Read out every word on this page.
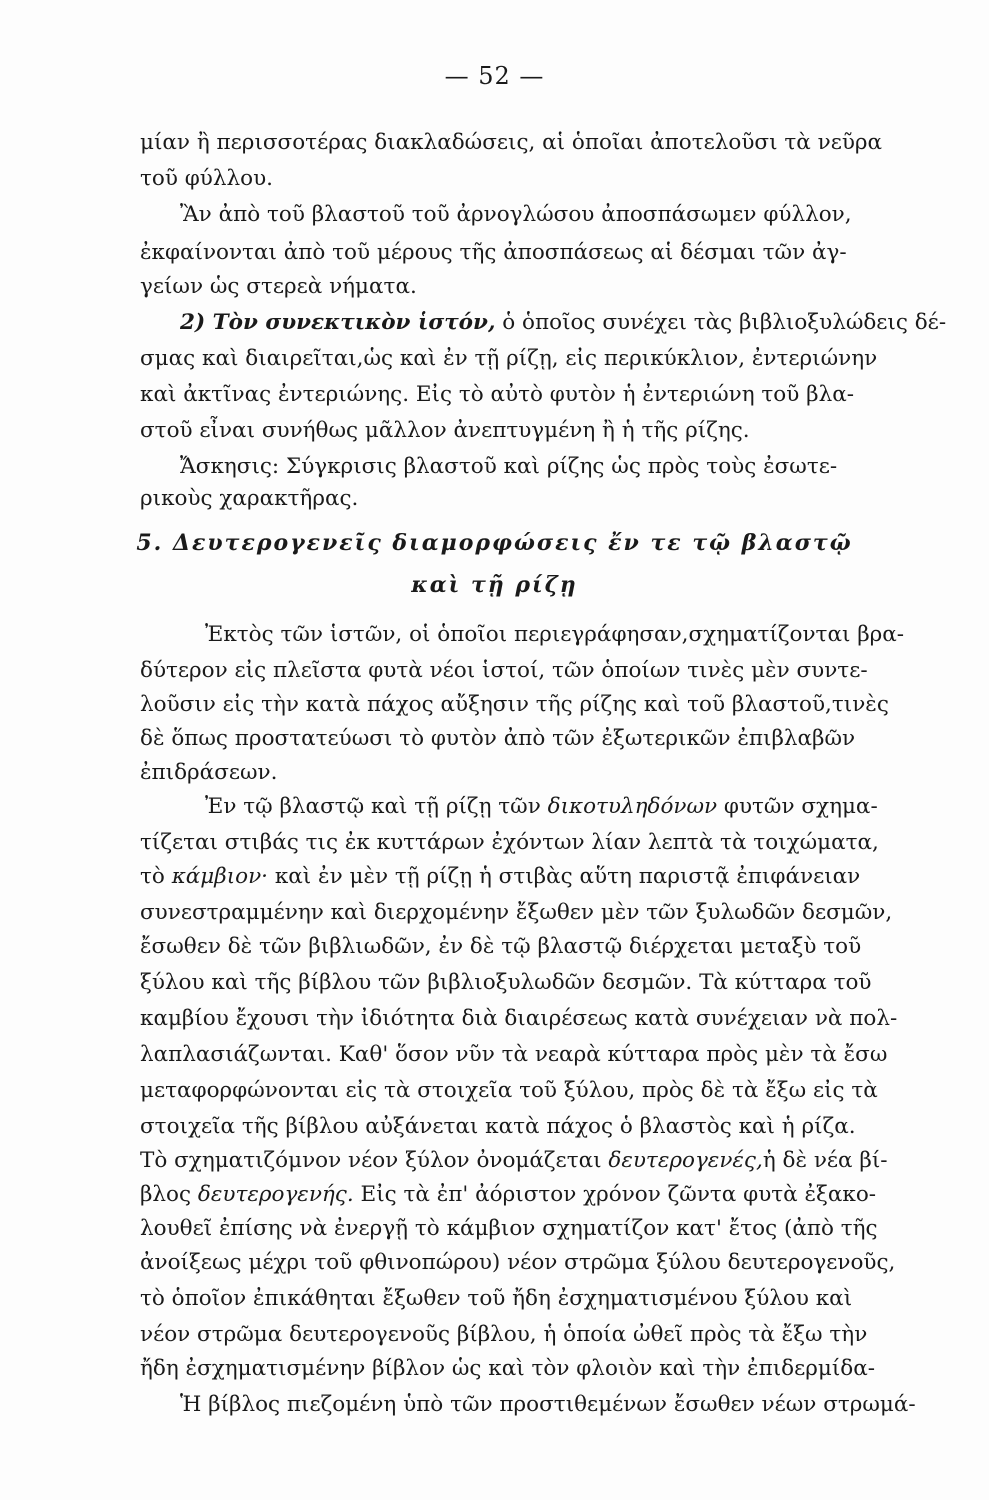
— 52 —
μίαν ἢ περισσοτέρας διακλαδώσεις, αἱ ὁποῖαι ἀποτελοῦσι τὰ νεῦρα
τοῦ φύλλου.
Ἂν ἀπὸ τοῦ βλαστοῦ τοῦ ἀρνογλώσου ἀποσπάσωμεν φύλλον,
ἐκφαίνονται ἀπὸ τοῦ μέρους τῆς ἀποσπάσεως αἱ δέσμαι τῶν ἀγ-
γείων ὡς στερεὰ νήματα.
2) Τὸν συνεκτικὸν ἱστόν, ὁ ὁποῖος συνέχει τὰς βιβλιοξυλώδεις δέ-
σμας καὶ διαιρεῖται,ὡς καὶ ἐν τῇ ρίζῃ, εἰς περικύκλιον, ἐντεριώνην
καὶ ἀκτῖνας ἐντεριώνης. Εἰς τὸ αὐτὸ φυτὸν ἡ ἐντεριώνη τοῦ βλα-
στοῦ εἶναι συνήθως μᾶλλον ἀνεπτυγμένη ἢ ἡ τῆς ρίζης.
Ἄσκησις: Σύγκρισις βλαστοῦ καὶ ρίζης ὡς πρὸς τοὺς ἐσωτε-
ρικοὺς χαρακτῆρας.
5. Δευτερογενεῖς διαμορφώσεις ἔν τε τῷ βλαστῷ
καὶ τῇ ρίζῃ
Ἐκτὸς τῶν ἱστῶν, οἱ ὁποῖοι περιεγράφησαν,σχηματίζονται βρα-
δύτερον εἰς πλεῖστα φυτὰ νέοι ἱστοί, τῶν ὁποίων τινὲς μὲν συντε-
λοῦσιν εἰς τὴν κατὰ πάχος αὔξησιν τῆς ρίζης καὶ τοῦ βλαστοῦ,τινὲς
δὲ ὅπως προστατεύωσι τὸ φυτὸν ἀπὸ τῶν ἐξωτερικῶν ἐπιβλαβῶν
ἐπιδράσεων.
Ἐν τῷ βλαστῷ καὶ τῇ ρίζῃ τῶν δικοτυληδόνων φυτῶν σχημα-
τίζεται στιβάς τις ἐκ κυττάρων ἐχόντων λίαν λεπτὰ τὰ τοιχώματα,
τὸ κάμβιον· καὶ ἐν μὲν τῇ ρίζῃ ἡ στιβὰς αὕτη παριστᾷ ἐπιφάνειαν
συνεστραμμένην καὶ διερχομένην ἔξωθεν μὲν τῶν ξυλωδῶν δεσμῶν,
ἔσωθεν δὲ τῶν βιβλιωδῶν, ἐν δὲ τῷ βλαστῷ διέρχεται μεταξὺ τοῦ
ξύλου καὶ τῆς βίβλου τῶν βιβλιοξυλωδῶν δεσμῶν. Τὰ κύτταρα τοῦ
καμβίου ἔχουσι τὴν ἰδιότητα διὰ διαιρέσεως κατὰ συνέχειαν νὰ πολ-
λαπλασιάζωνται. Καθ' ὅσον νῦν τὰ νεαρὰ κύτταρα πρὸς μὲν τὰ ἔσω
μεταφορφώνονται εἰς τὰ στοιχεῖα τοῦ ξύλου, πρὸς δὲ τὰ ἔξω εἰς τὰ
στοιχεῖα τῆς βίβλου αὐξάνεται κατὰ πάχος ὁ βλαστὸς καὶ ἡ ρίζα.
Τὸ σχηματιζόμνον νέον ξύλον ὀνομάζεται δευτερογενές,ἡ δὲ νέα βί-
βλος δευτερογενής. Εἰς τὰ ἐπ' ἀόριστον χρόνον ζῶντα φυτὰ ἐξακο-
λουθεῖ ἐπίσης νὰ ἐνεργῇ τὸ κάμβιον σχηματίζον κατ' ἔτος (ἀπὸ τῆς
ἀνοίξεως μέχρι τοῦ φθινοπώρου) νέον στρῶμα ξύλου δευτερογενοῦς,
τὸ ὁποῖον ἐπικάθηται ἔξωθεν τοῦ ἤδη ἐσχηματισμένου ξύλου καὶ
νέον στρῶμα δευτερογενοῦς βίβλου, ἡ ὁποία ὠθεῖ πρὸς τὰ ἔξω τὴν
ἤδη ἐσχηματισμένην βίβλον ὡς καὶ τὸν φλοιὸν καὶ τὴν ἐπιδερμίδα-
Ἡ βίβλος πιεζομένη ὑπὸ τῶν προστιθεμένων ἔσωθεν νέων στρωμά-
